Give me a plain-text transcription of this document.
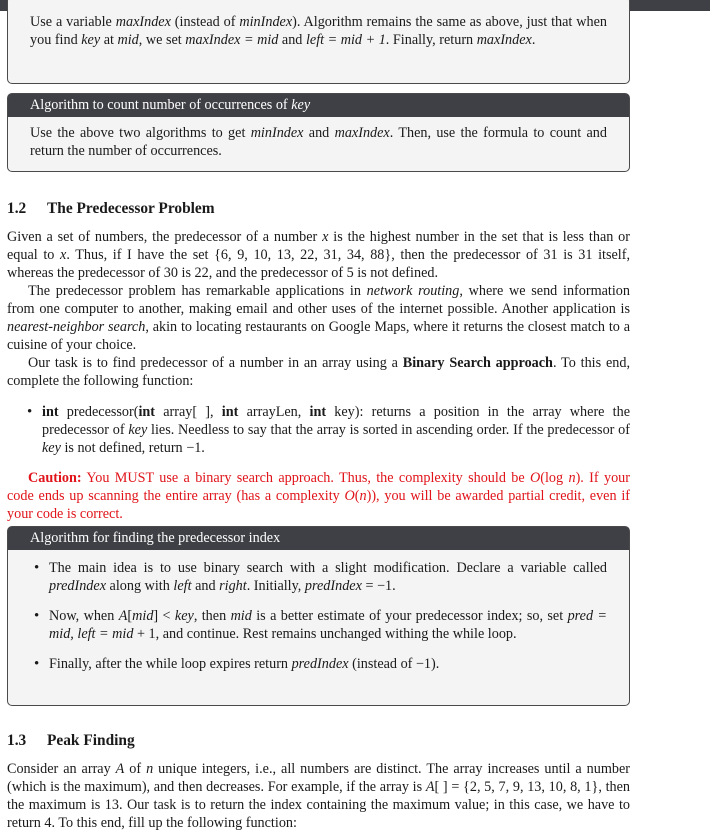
Use a variable maxIndex (instead of minIndex). Algorithm remains the same as above, just that when you find key at mid, we set maxIndex = mid and left = mid + 1. Finally, return maxIndex.
Algorithm to count number of occurrences of key
Use the above two algorithms to get minIndex and maxIndex. Then, use the formula to count and return the number of occurrences.
1.2 The Predecessor Problem

Given a set of numbers, the predecessor of a number x is the highest number in the set that is less than or equal to x. Thus, if I have the set {6, 9, 10, 13, 22, 31, 34, 88}, then the predecessor of 31 is 31 itself, whereas the predecessor of 30 is 22, and the predecessor of 5 is not defined.

The predecessor problem has remarkable applications in network routing, where we send information from one computer to another, making email and other uses of the internet possible. Another application is nearest-neighbor search, akin to locating restaurants on Google Maps, where it returns the closest match to a cuisine of your choice.

Our task is to find predecessor of a number in an array using a Binary Search approach. To this end, complete the following function:

• int predecessor(int array[ ], int arrayLen, int key): returns a position in the array where the predecessor of key lies. Needless to say that the array is sorted in ascending order. If the predecessor of key is not defined, return −1.

Caution: You MUST use a binary search approach. Thus, the complexity should be O(log n). If your code ends up scanning the entire array (has a complexity O(n)), you will be awarded partial credit, even if your code is correct.

Algorithm for finding the predecessor index
• The main idea is to use binary search with a slight modification. Declare a variable called predIndex along with left and right. Initially, predIndex = −1.
• Now, when A[mid] < key, then mid is a better estimate of your predecessor index; so, set pred = mid, left = mid + 1, and continue. Rest remains unchanged withing the while loop.
• Finally, after the while loop expires return predIndex (instead of −1).
1.3 Peak Finding

Consider an array A of n unique integers, i.e., all numbers are distinct. The array increases until a number (which is the maximum), and then decreases. For example, if the array is A[ ] = {2, 5, 7, 9, 13, 10, 8, 1}, then the maximum is 13. Our task is to return the index containing the maximum value; in this case, we have to return 4. To this end, fill up the following function:
